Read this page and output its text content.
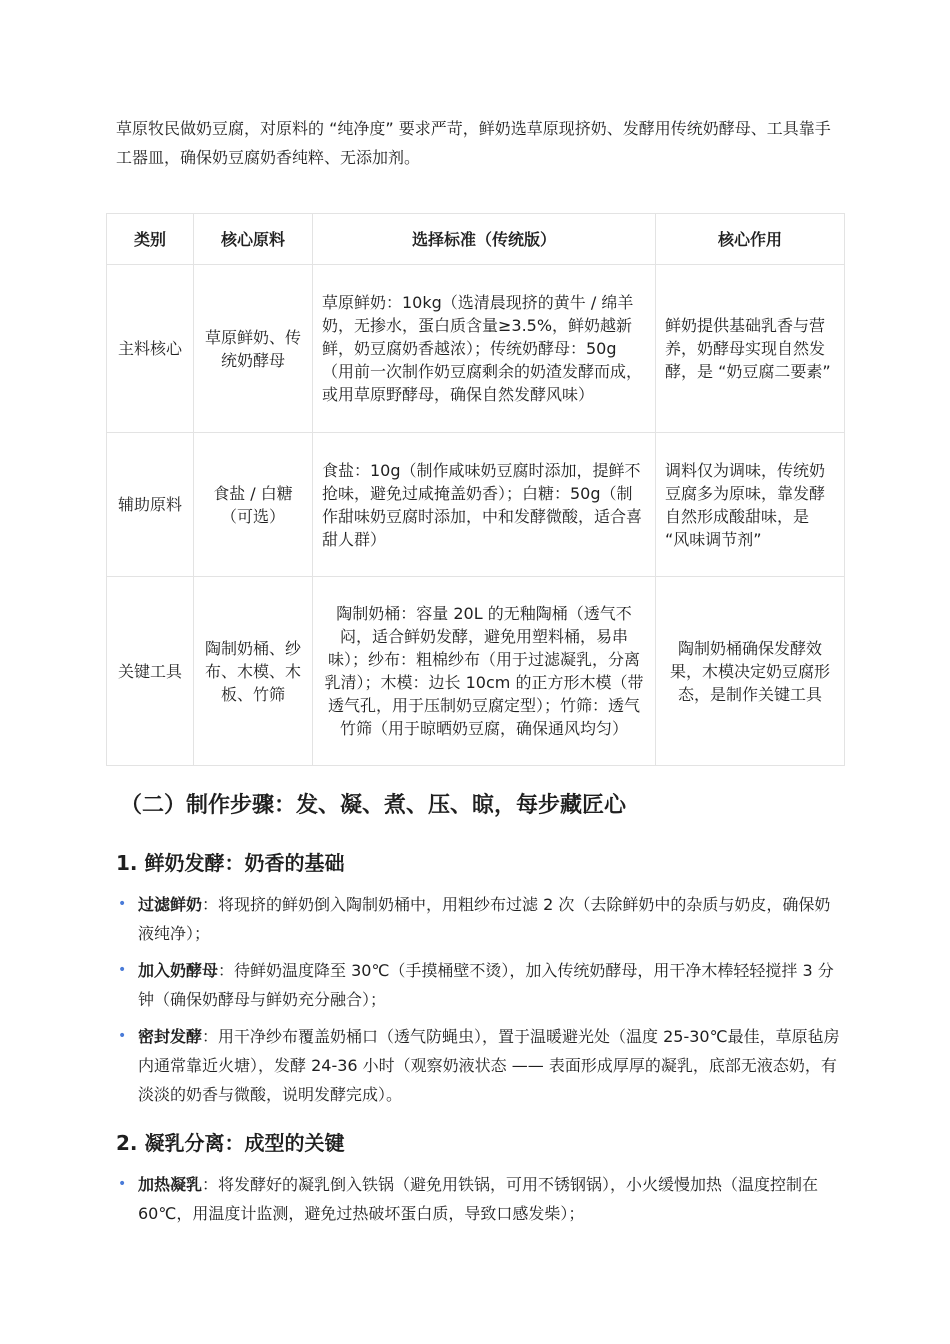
草原牧民做奶豆腐，对原料的 “纯净度” 要求严苛，鲜奶选草原现挤奶、发酵用传统奶酵母、工具靠手工器皿，确保奶豆腐奶香纯粹、无添加剂。

类别	核心原料	选择标准（传统版）	核心作用
主料核心	草原鲜奶、传统奶酵母	草原鲜奶：10kg（选清晨现挤的黄牛 / 绵羊奶，无掺水，蛋白质含量≥3.5%，鲜奶越新鲜，奶豆腐奶香越浓）；传统奶酵母：50g（用前一次制作奶豆腐剩余的奶渣发酵而成，或用草原野酵母，确保自然发酵风味）	鲜奶提供基础乳香与营养，奶酵母实现自然发酵，是 “奶豆腐二要素”
辅助原料	食盐 / 白糖（可选）	食盐：10g（制作咸味奶豆腐时添加，提鲜不抢味，避免过咸掩盖奶香）；白糖：50g（制作甜味奶豆腐时添加，中和发酵微酸，适合喜甜人群）	调料仅为调味，传统奶豆腐多为原味，靠发酵自然形成酸甜味，是 “风味调节剂”
关键工具	陶制奶桶、纱布、木模、木板、竹筛	陶制奶桶：容量 20L 的无釉陶桶（透气不闷，适合鲜奶发酵，避免用塑料桶，易串味）；纱布：粗棉纱布（用于过滤凝乳，分离乳清）；木模：边长 10cm 的正方形木模（带透气孔，用于压制奶豆腐定型）；竹筛：透气竹筛（用于晾晒奶豆腐，确保通风均匀）	陶制奶桶确保发酵效果，木模决定奶豆腐形态，是制作关键工具
（二）制作步骤：发、凝、煮、压、晾，每步藏匠心
1. 鲜奶发酵：奶香的基础
• 过滤鲜奶：将现挤的鲜奶倒入陶制奶桶中，用粗纱布过滤 2 次（去除鲜奶中的杂质与奶皮，确保奶液纯净）；
• 加入奶酵母：待鲜奶温度降至 30℃（手摸桶壁不烫），加入传统奶酵母，用干净木棒轻轻搅拌 3 分钟（确保奶酵母与鲜奶充分融合）；
• 密封发酵：用干净纱布覆盖奶桶口（透气防蝇虫），置于温暖避光处（温度 25-30℃最佳，草原毡房内通常靠近火塘），发酵 24-36 小时（观察奶液状态 —— 表面形成厚厚的凝乳，底部无液态奶，有淡淡的奶香与微酸，说明发酵完成）。
2. 凝乳分离：成型的关键
• 加热凝乳：将发酵好的凝乳倒入铁锅（避免用铁锅，可用不锈钢锅），小火缓慢加热（温度控制在 60℃，用温度计监测，避免过热破坏蛋白质，导致口感发柴）；
